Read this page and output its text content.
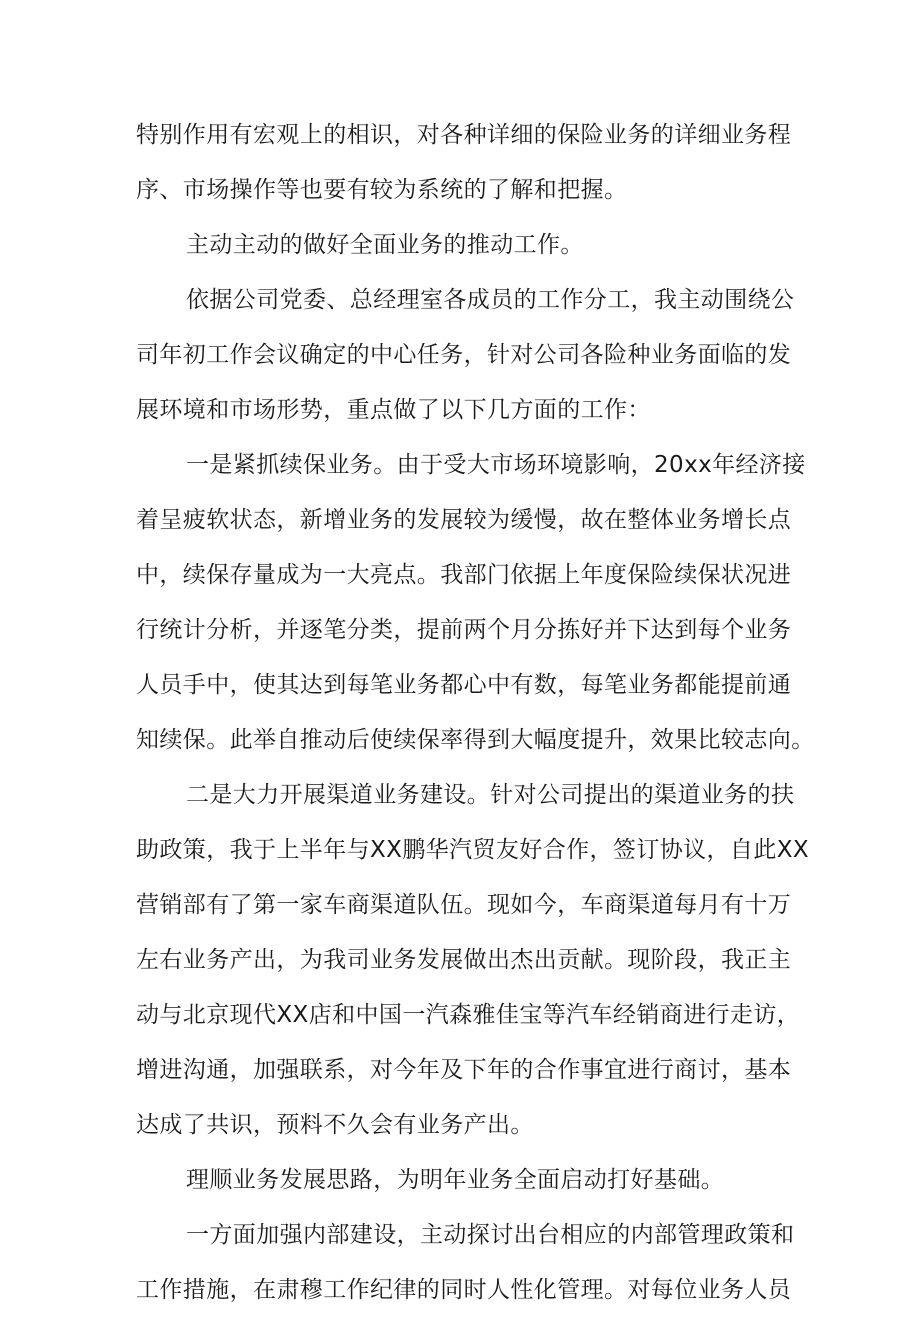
特别作用有宏观上的相识，对各种详细的保险业务的详细业务程
序、市场操作等也要有较为系统的了解和把握。
主动主动的做好全面业务的推动工作。
依据公司党委、总经理室各成员的工作分工，我主动围绕公
司年初工作会议确定的中心任务，针对公司各险种业务面临的发
展环境和市场形势，重点做了以下几方面的工作：
一是紧抓续保业务。由于受大市场环境影响，20xx年经济接
着呈疲软状态，新增业务的发展较为缓慢，故在整体业务增长点
中，续保存量成为一大亮点。我部门依据上年度保险续保状况进
行统计分析，并逐笔分类，提前两个月分拣好并下达到每个业务
人员手中，使其达到每笔业务都心中有数，每笔业务都能提前通
知续保。此举自推动后使续保率得到大幅度提升，效果比较志向。
二是大力开展渠道业务建设。针对公司提出的渠道业务的扶
助政策，我于上半年与XX鹏华汽贸友好合作，签订协议，自此XX
营销部有了第一家车商渠道队伍。现如今，车商渠道每月有十万
左右业务产出，为我司业务发展做出杰出贡献。现阶段，我正主
动与北京现代XX店和中国一汽森雅佳宝等汽车经销商进行走访，
增进沟通，加强联系，对今年及下年的合作事宜进行商讨，基本
达成了共识，预料不久会有业务产出。
理顺业务发展思路，为明年业务全面启动打好基础。
一方面加强内部建设，主动探讨出台相应的内部管理政策和
工作措施，在肃穆工作纪律的同时人性化管理。对每位业务人员
